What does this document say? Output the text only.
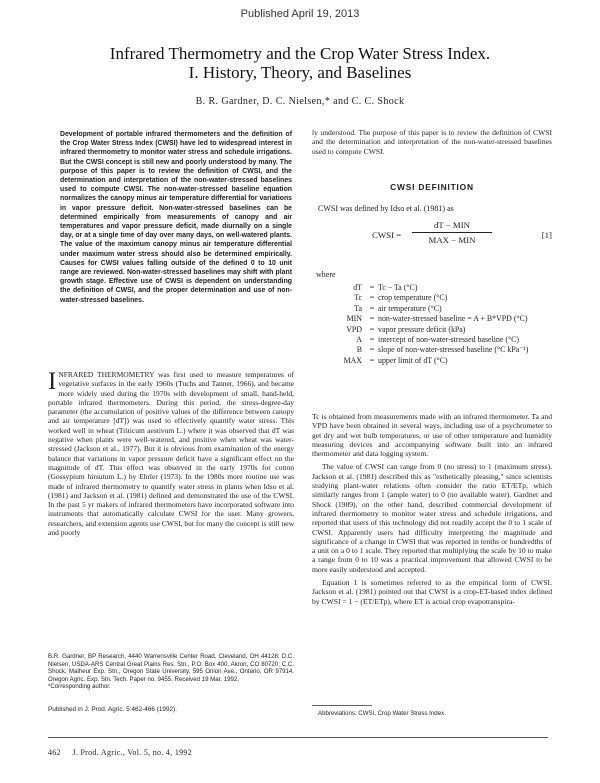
Published April 19, 2013
Infrared Thermometry and the Crop Water Stress Index.
I. History, Theory, and Baselines
B. R. Gardner, D. C. Nielsen,* and C. C. Shock
Development of portable infrared thermometers and the definition of the Crop Water Stress Index (CWSI) have led to widespread interest in infrared thermometry to monitor water stress and schedule irrigations. But the CWSI concept is still new and poorly understood by many. The purpose of this paper is to review the definition of CWSI, and the determination and interpretation of the non-water-stressed baselines used to compute CWSI. The non-water-stressed baseline equation normalizes the canopy minus air temperature differential for variations in vapor pressure deficit. Non-water-stressed baselines can be determined empirically from measurements of canopy and air temperatures and vapor pressure deficit, made diurnally on a single day, or at a single time of day over many days, on well-watered plants. The value of the maximum canopy minus air temperature differential under maximum water stress should also be determined empirically. Causes for CWSI values falling outside of the defined 0 to 10 unit range are reviewed. Non-water-stressed baselines may shift with plant growth stage. Effective use of CWSI is dependent on understanding the definition of CWSI, and the proper determination and use of non-water-stressed baselines.
INFRARED THERMOMETRY was first used to measure temperatures of vegetative surfaces in the early 1960s (Tuchs and Tanner, 1966), and became more widely used during the 1970s with development of small, hand-held, portable infrared thermometers. During this period, the stress-degree-day parameter (the accumulation of positive values of the difference between canopy and air temperature [dT]) was used to effectively quantify water stress. This worked well in wheat (Triticum aestivum L.) where it was observed that dT was negative when plants were well-watered, and positive when wheat was water-stressed (Jackson et al., 1977). But it is obvious from examination of the energy balance that variations in vapor pressure deficit have a significant effect on the magnitude of dT. This effect was observed in the early 1970s for cotton (Gossypium hirsutum L.) by Ehrler (1973). In the 1980s more routine use was made of infrared thermometry to quantify water stress in plants when Idso et al. (1981) and Jackson et al. (1981) defined and demonstrated the use of the CWSI. In the past 5 yr makers of infrared thermometers have incorporated software into instruments that automatically calculate CWSI for the user. Many growers, researchers, and extension agents use CWSI, but for many the concept is still new and poorly
B.R. Gardner, BP Research, 4440 Warrensville Center Road, Cleveland, OH 44128; D.C. Nielsen, USDA-ARS Central Great Plains Res. Stn., P.O. Box 400, Akron, CO 80720; C.C. Shock, Malheur Exp. Stn., Oregon State University, 595 Onion Ave., Ontario, OR 97914. Oregon Agric. Exp. Stn. Tech. Paper no. 9455. Received 19 Mar. 1992.
*Corresponding author.
Published in J. Prod. Agric. 5:462-466 (1992).
462     J. Prod. Agric., Vol. 5, no. 4, 1992
ly understood. The purpose of this paper is to review the definition of CWSI and the determination and interpretation of the non-water-stressed baselines used to compute CWSI.
CWSI DEFINITION
CWSI was defined by Idso et al. (1981) as
CWSI =
dT − MIN
MAX − MIN	[1]
where
dT = Tc − Ta (°C)
Tc = crop temperature (°C)
Ta = air temperature (°C)
MIN = non-water-stressed baseline = A + B*VPD (°C)
VPD = vapor pressure deficit (kPa)
A = intercept of non-water-stressed baseline (°C)
B = slope of non-water-stressed baseline (°C kPa⁻¹)
MAX = upper limit of dT (°C)

Tc is obtained from measurements made with an infrared thermometer. Ta and VPD have been obtained in several ways, including use of a psychrometer to get dry and wet bulb temperatures, or use of other temperature and humidity measuring devices and accompanying software built into an infrared thermometer and data logging system.

The value of CWSI can range from 0 (no stress) to 1 (maximum stress). Jackson et al. (1981) described this as "esthetically pleasing," since scientists studying plant-water relations often consider the ratio ET/ETp, which similarly ranges from 1 (ample water) to 0 (no available water). Gardner and Shock (1989), on the other hand, described commercial development of infrared thermometry to monitor water stress and schedule irrigations, and reported that users of this technology did not readily accept the 0 to 1 scale of CWSI. Apparently users had difficulty interpreting the magnitude and significance of a change in CWSI that was reported in tenths or hundredths of a unit on a 0 to 1 scale. They reported that multiplying the scale by 10 to make a range from 0 to 10 was a practical improvement that allowed CWSI to be more easily understood and accepted.

Equation 1 is sometimes referred to as the empirical form of CWSI. Jackson et al. (1981) pointed out that CWSI is a crop-ET-based index defined by CWSI = 1 − (ET/ETp), where ET is actual crop evapotranspira-

Abbreviations: CWSI, Crop Water Stress Index.
